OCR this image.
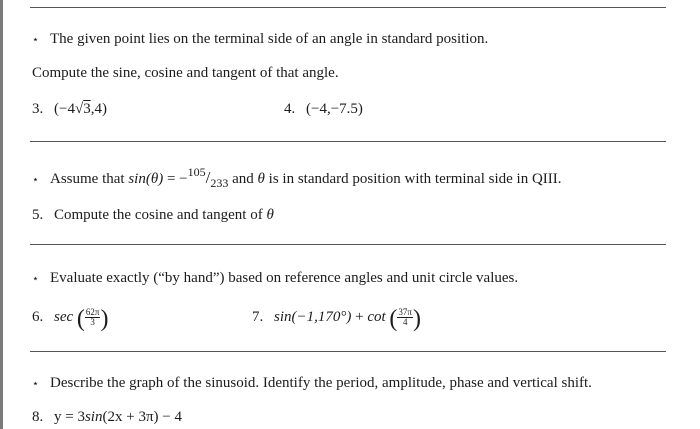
⋆ The given point lies on the terminal side of an angle in standard position.
Compute the sine, cosine and tangent of that angle.
3. (−4√3,4)	4. (−4,−7.5)
⋆ Assume that $\sin(\theta) = -^{105}/_{233}$ and θ is in standard position with terminal side in QIII.
5. Compute the cosine and tangent of θ
⋆ Evaluate exactly (“by hand”) based on reference angles and unit circle values.
6. sec ( $\frac{62\pi}{3}$ )	7. sin(−1,170°) + cot ( $\frac{37\pi}{4}$ )
⋆ Describe the graph of the sinusoid. Identify the period, amplitude, phase and vertical shift.
8. y = 3sin(2x + 3π) − 4
